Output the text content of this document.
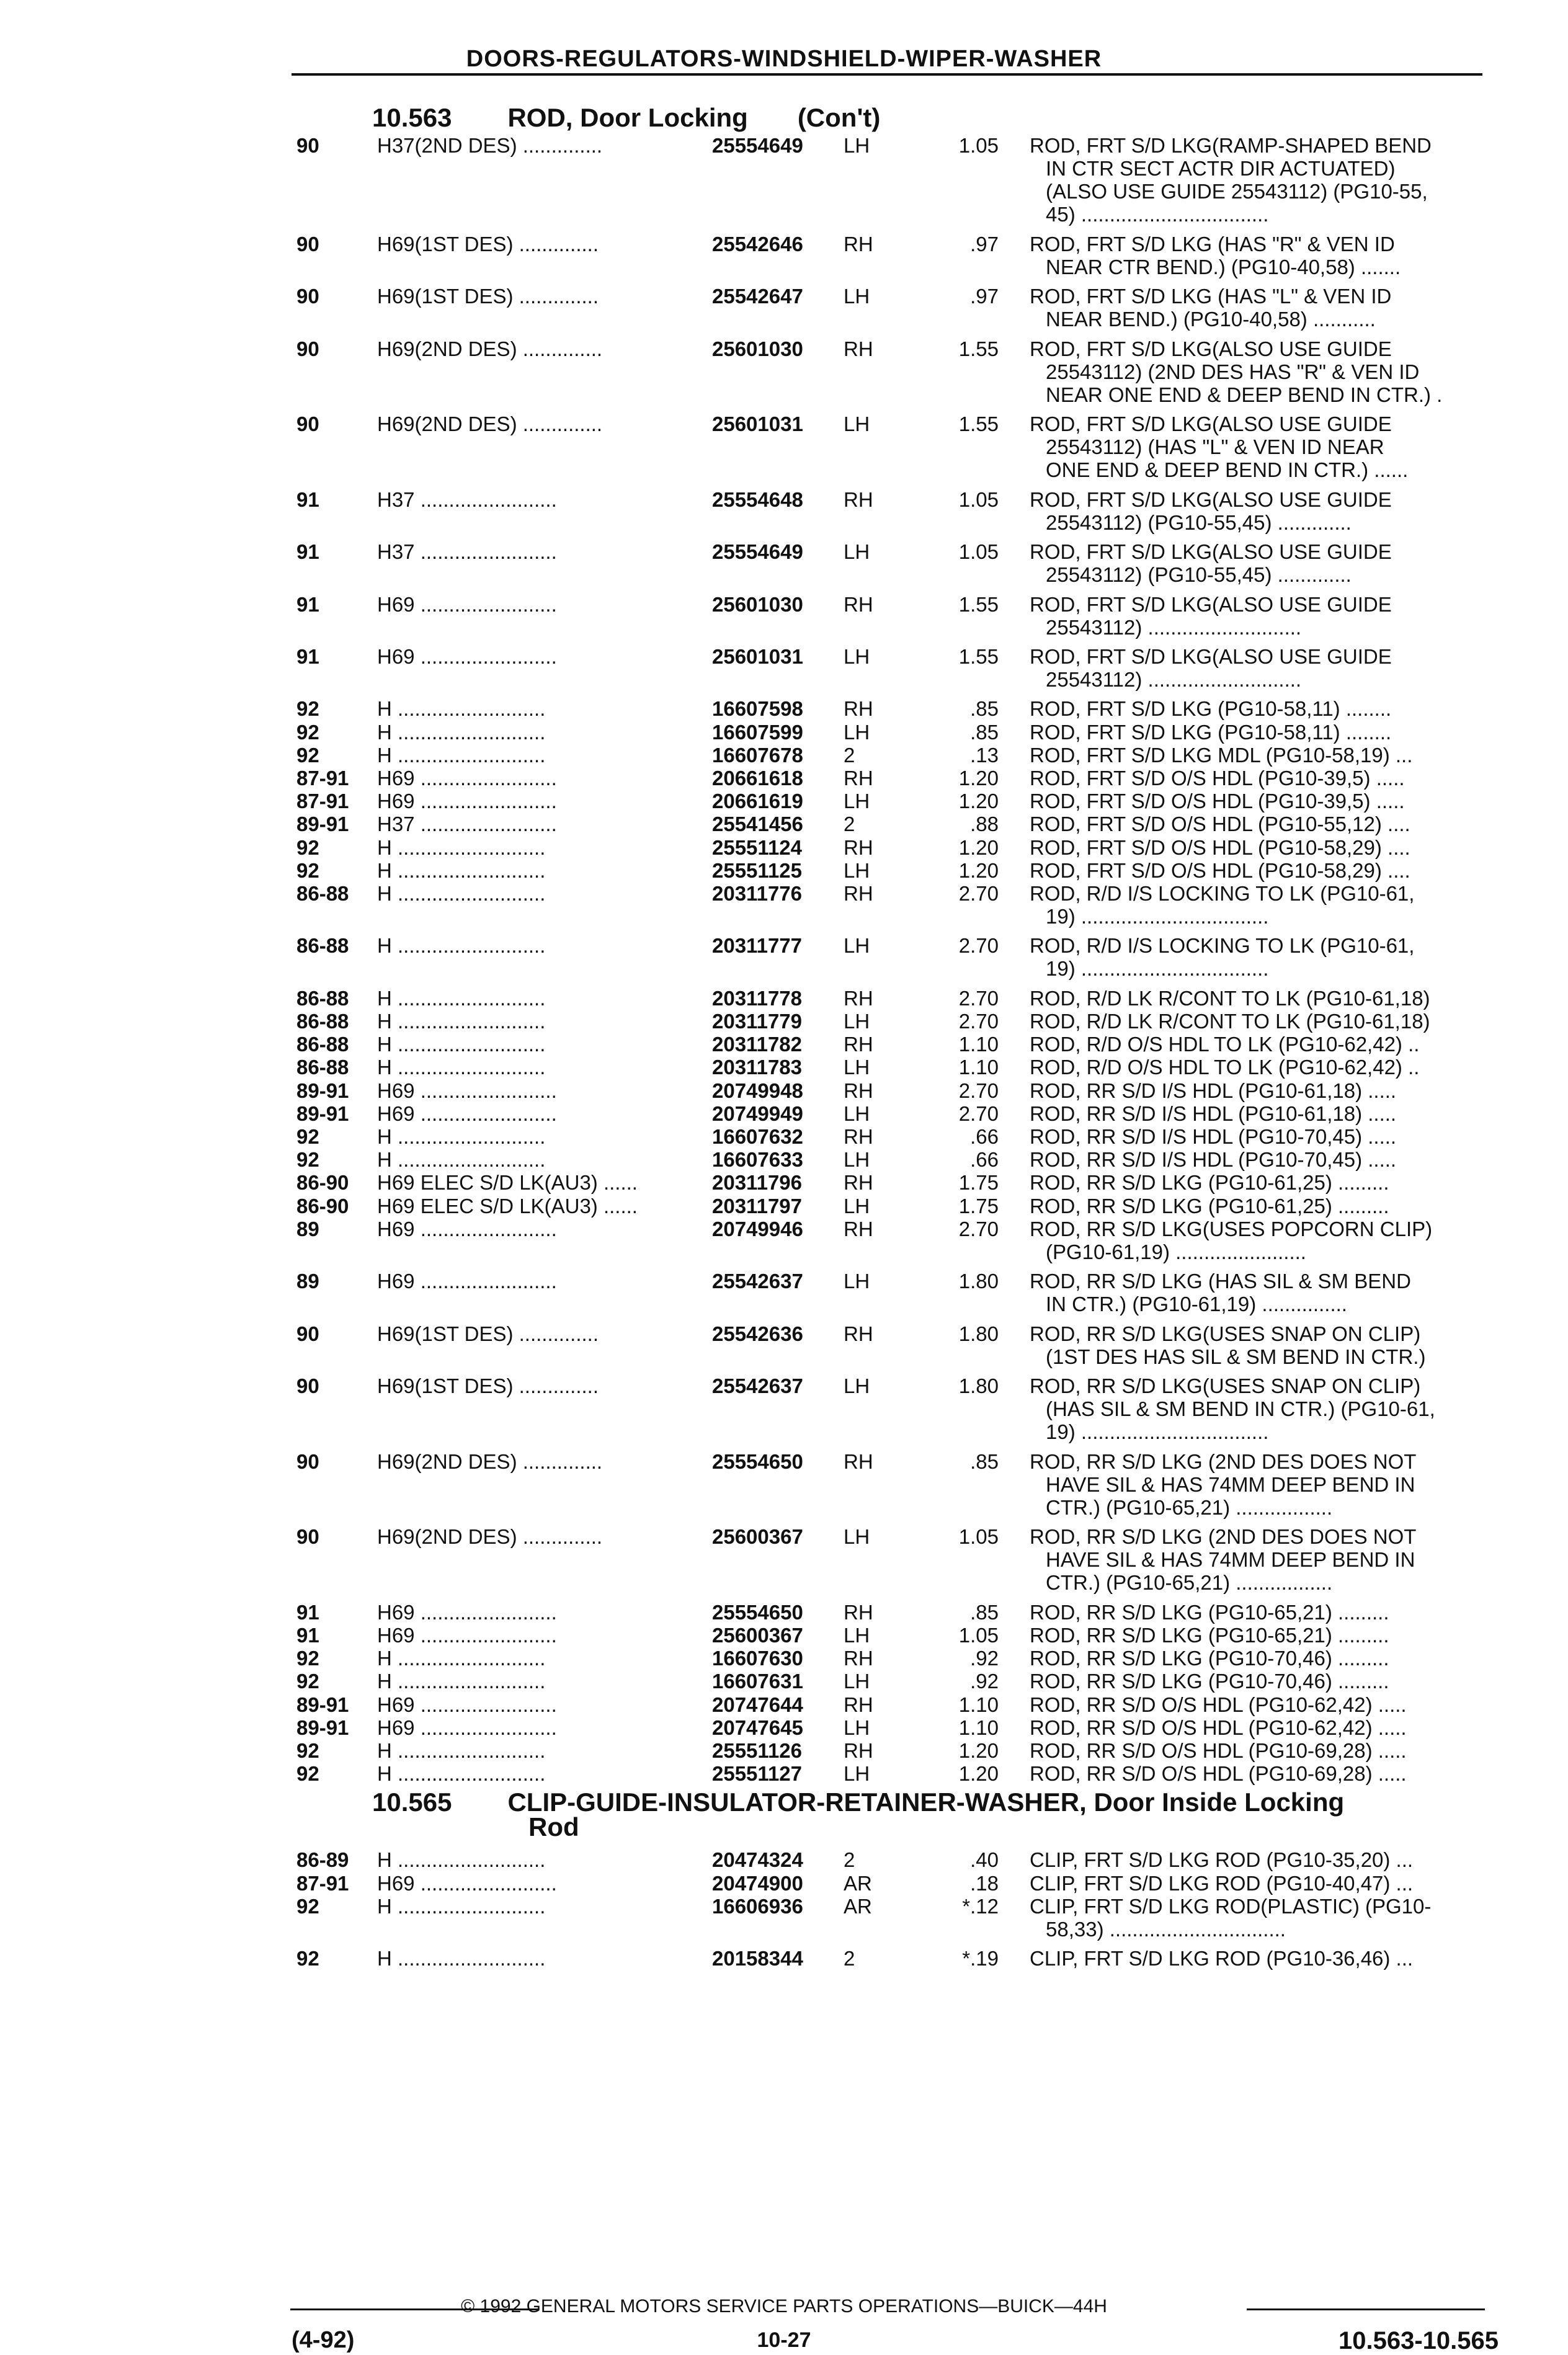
DOORS-REGULATORS-WINDSHIELD-WIPER-WASHER
10.563 ROD, Door Locking (Con't)
90	H37(2ND DES) ..............	25554649 LH	1.05 ROD, FRT S/D LKG(RAMP-SHAPED BEND
IN CTR SECT ACTR DIR ACTUATED)
(ALSO USE GUIDE 25543112) (PG10-55,
45) .................................
90	H69(1ST DES) ..............	25542646 RH	.97 ROD, FRT S/D LKG (HAS "R" & VEN ID
NEAR CTR BEND.) (PG10-40,58) .......
90	H69(1ST DES) ..............	25542647 LH	.97 ROD, FRT S/D LKG (HAS "L" & VEN ID
NEAR BEND.) (PG10-40,58) ...........
90	H69(2ND DES) ..............	25601030 RH	1.55 ROD, FRT S/D LKG(ALSO USE GUIDE
25543112) (2ND DES HAS "R" & VEN ID
NEAR ONE END & DEEP BEND IN CTR.) .
90	H69(2ND DES) ..............	25601031 LH	1.55 ROD, FRT S/D LKG(ALSO USE GUIDE
25543112) (HAS "L" & VEN ID NEAR
ONE END & DEEP BEND IN CTR.) ......
91	H37 ........................	25554648 RH	1.05 ROD, FRT S/D LKG(ALSO USE GUIDE
25543112) (PG10-55,45) .............
91	H37 ........................	25554649 LH	1.05 ROD, FRT S/D LKG(ALSO USE GUIDE
25543112) (PG10-55,45) .............
91	H69 ........................	25601030 RH	1.55 ROD, FRT S/D LKG(ALSO USE GUIDE
25543112) ...........................
91	H69 ........................	25601031 LH	1.55 ROD, FRT S/D LKG(ALSO USE GUIDE
25543112) ...........................
92	H ..........................	16607598 RH	.85 ROD, FRT S/D LKG (PG10-58,11) ........
92	H ..........................	16607599 LH	.85 ROD, FRT S/D LKG (PG10-58,11) ........
92	H ..........................	16607678 2	.13 ROD, FRT S/D LKG MDL (PG10-58,19) ...
87-91 H69 ........................	20661618 RH	1.20 ROD, FRT S/D O/S HDL (PG10-39,5) .....
87-91 H69 ........................	20661619 LH	1.20 ROD, FRT S/D O/S HDL (PG10-39,5) .....
89-91 H37 ........................	25541456 2	.88 ROD, FRT S/D O/S HDL (PG10-55,12) ....
92	H ..........................	25551124 RH	1.20 ROD, FRT S/D O/S HDL (PG10-58,29) ....
92	H ..........................	25551125 LH	1.20 ROD, FRT S/D O/S HDL (PG10-58,29) ....
86-88 H ..........................	20311776 RH	2.70 ROD, R/D I/S LOCKING TO LK (PG10-61,
19) .................................
86-88 H ..........................	20311777 LH	2.70 ROD, R/D I/S LOCKING TO LK (PG10-61,
19) .................................
86-88 H ..........................	20311778 RH	2.70 ROD, R/D LK R/CONT TO LK (PG10-61,18)
86-88 H ..........................	20311779 LH	2.70 ROD, R/D LK R/CONT TO LK (PG10-61,18)
86-88 H ..........................	20311782 RH	1.10 ROD, R/D O/S HDL TO LK (PG10-62,42) ..
86-88 H ..........................	20311783 LH	1.10 ROD, R/D O/S HDL TO LK (PG10-62,42) ..
89-91 H69 ........................	20749948 RH	2.70 ROD, RR S/D I/S HDL (PG10-61,18) .....
89-91 H69 ........................	20749949 LH	2.70 ROD, RR S/D I/S HDL (PG10-61,18) .....
92	H ..........................	16607632 RH	.66 ROD, RR S/D I/S HDL (PG10-70,45) .....
92	H ..........................	16607633 LH	.66 ROD, RR S/D I/S HDL (PG10-70,45) .....
86-90 H69 ELEC S/D LK(AU3) ......	20311796 RH	1.75 ROD, RR S/D LKG (PG10-61,25) .........
86-90 H69 ELEC S/D LK(AU3) ......	20311797 LH	1.75 ROD, RR S/D LKG (PG10-61,25) .........
89	H69 ........................	20749946 RH	2.70 ROD, RR S/D LKG(USES POPCORN CLIP)
(PG10-61,19) .......................
89	H69 ........................	25542637 LH	1.80 ROD, RR S/D LKG (HAS SIL & SM BEND
IN CTR.) (PG10-61,19) ...............
90	H69(1ST DES) ..............	25542636 RH	1.80 ROD, RR S/D LKG(USES SNAP ON CLIP)
(1ST DES HAS SIL & SM BEND IN CTR.)
90	H69(1ST DES) ..............	25542637 LH	1.80 ROD, RR S/D LKG(USES SNAP ON CLIP)
(HAS SIL & SM BEND IN CTR.) (PG10-61,
19) .................................
90	H69(2ND DES) ..............	25554650 RH	.85 ROD, RR S/D LKG (2ND DES DOES NOT
HAVE SIL & HAS 74MM DEEP BEND IN
CTR.) (PG10-65,21) .................
90	H69(2ND DES) ..............	25600367 LH	1.05 ROD, RR S/D LKG (2ND DES DOES NOT
HAVE SIL & HAS 74MM DEEP BEND IN
CTR.) (PG10-65,21) .................
91	H69 ........................	25554650 RH	.85 ROD, RR S/D LKG (PG10-65,21) .........
91	H69 ........................	25600367 LH	1.05 ROD, RR S/D LKG (PG10-65,21) .........
92	H ..........................	16607630 RH	.92 ROD, RR S/D LKG (PG10-70,46) .........
92	H ..........................	16607631 LH	.92 ROD, RR S/D LKG (PG10-70,46) .........
89-91 H69 ........................	20747644 RH	1.10 ROD, RR S/D O/S HDL (PG10-62,42) .....
89-91 H69 ........................	20747645 LH	1.10 ROD, RR S/D O/S HDL (PG10-62,42) .....
92	H ..........................	25551126 RH	1.20 ROD, RR S/D O/S HDL (PG10-69,28) .....
92	H ..........................	25551127 LH	1.20 ROD, RR S/D O/S HDL (PG10-69,28) .....
10.565 CLIP-GUIDE-INSULATOR-RETAINER-WASHER, Door Inside Locking
Rod
86-89 H ..........................	20474324 2	.40 CLIP, FRT S/D LKG ROD (PG10-35,20) ...
87-91 H69 ........................	20474900 AR	.18 CLIP, FRT S/D LKG ROD (PG10-40,47) ...
92	H ..........................	16606936 AR	*.12 CLIP, FRT S/D LKG ROD(PLASTIC) (PG10-
58,33) ...............................
92	H ..........................	20158344 2	*.19 CLIP, FRT S/D LKG ROD (PG10-36,46) ...
© 1992 GENERAL MOTORS SERVICE PARTS OPERATIONS—BUICK—44H
(4-92)	10-27	10.563-10.565
